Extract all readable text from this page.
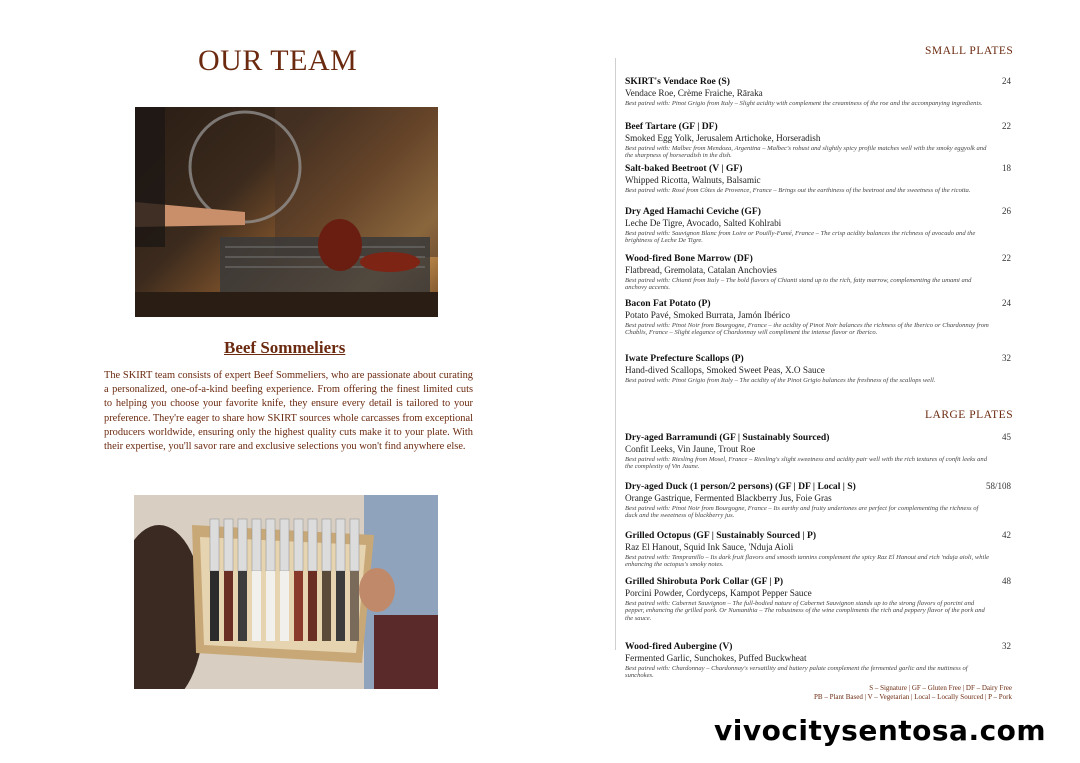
OUR TEAM
Beef Sommeliers

The SKIRT team consists of expert Beef Sommeliers, who are passionate about curating a personalized, one-of-a-kind beefing experience. From offering the finest limited cuts to helping you choose your favorite knife, they ensure every detail is tailored to your preference. They're eager to share how SKIRT sources whole carcasses from exceptional producers worldwide, ensuring only the highest quality cuts make it to your plate. With their expertise, you'll savor rare and exclusive selections you won't find anywhere else.

SMALL PLATES
SKIRT's Vendace Roe (S)	24
Vendace Roe, Crème Fraiche, Rāraka
Best paired with: Pinot Grigio from Italy – Slight acidity with complement the creaminess of the roe and the accompanying ingredients.
Beef Tartare (GF | DF)	22
Smoked Egg Yolk, Jerusalem Artichoke, Horseradish
Best paired with: Malbec from Mendoza, Argentina – Malbec's robust and slightly spicy profile matches well with the smoky eggyolk and the sharpness of horseradish in the dish.
Salt-baked Beetroot (V | GF)	18
Whipped Ricotta, Walnuts, Balsamic
Best paired with: Rosé from Côtes de Provence, France – Brings out the earthiness of the beetroot and the sweetness of the ricotta.
Dry Aged Hamachi Ceviche (GF)	26
Leche De Tigre, Avocado, Salted Kohlrabi
Best paired with: Sauvignon Blanc from Loire or Pouilly-Fumé, France – The crisp acidity balances the richness of avocado and the brightness of Leche De Tigre.
Wood-fired Bone Marrow (DF)	22
Flatbread, Gremolata, Catalan Anchovies
Best paired with: Chianti from Italy – The bold flavors of Chianti stand up to the rich, fatty marrow, complementing the umami and anchovy accents.
Bacon Fat Potato (P)	24
Potato Pavé, Smoked Burrata, Jamón Ibérico
Best paired with: Pinot Noir from Bourgogne, France – the acidity of Pinot Noir balances the richness of the Iberico or Chardonnay from Chablis, France – Slight elegance of Chardonnay will compliment the intense flavor or Iberico.
Iwate Prefecture Scallops (P)	32
Hand-dived Scallops, Smoked Sweet Peas, X.O Sauce
Best paired with: Pinot Grigio from Italy – The acidity of the Pinot Grigio balances the freshness of the scallops well.
LARGE PLATES
Dry-aged Barramundi (GF | Sustainably Sourced)	45
Confit Leeks, Vin Jaune, Trout Roe
Best paired with: Riesling from Mosel, France – Riesling's slight sweetness and acidity pair well with the rich textures of confit leeks and the complexity of Vin Jaune.
Dry-aged Duck (1 person/2 persons) (GF | DF | Local | S)	58/108
Orange Gastrique, Fermented Blackberry Jus, Foie Gras
Best paired with: Pinot Noir from Bourgogne, France – Its earthy and fruity undertones are perfect for complementing the richness of duck and the sweetness of blackberry jus.
Grilled Octopus (GF | Sustainably Sourced | P)	42
Raz El Hanout, Squid Ink Sauce, 'Nduja Aioli
Best paired with: Tempranillo – Its dark fruit flavors and smooth tannins complement the spicy Raz El Hanout and rich 'nduja aioli, while enhancing the octopus's smoky notes.
Grilled Shirobuta Pork Collar (GF | P)	48
Porcini Powder, Cordyceps, Kampot Pepper Sauce
Best paired with: Cabernet Sauvignon – The full-bodied nature of Cabernet Sauvignon stands up to the strong flavors of porcini and pepper, enhancing the grilled pork. Or Numanthia – The robustness of the wine compliments the rich and peppery flavor of the pork and the sauce.
Wood-fired Aubergine (V)	32
Fermented Garlic, Sunchokes, Puffed Buckwheat
Best paired with: Chardonnay – Chardonnay's versatility and buttery palate complement the fermented garlic and the nuttiness of sunchokes.
S – Signature | GF – Gluten Free | DF – Dairy Free
PB – Plant Based | V – Vegetarian | Local – Locally Sourced | P – Pork
vivocitysentosa.com
